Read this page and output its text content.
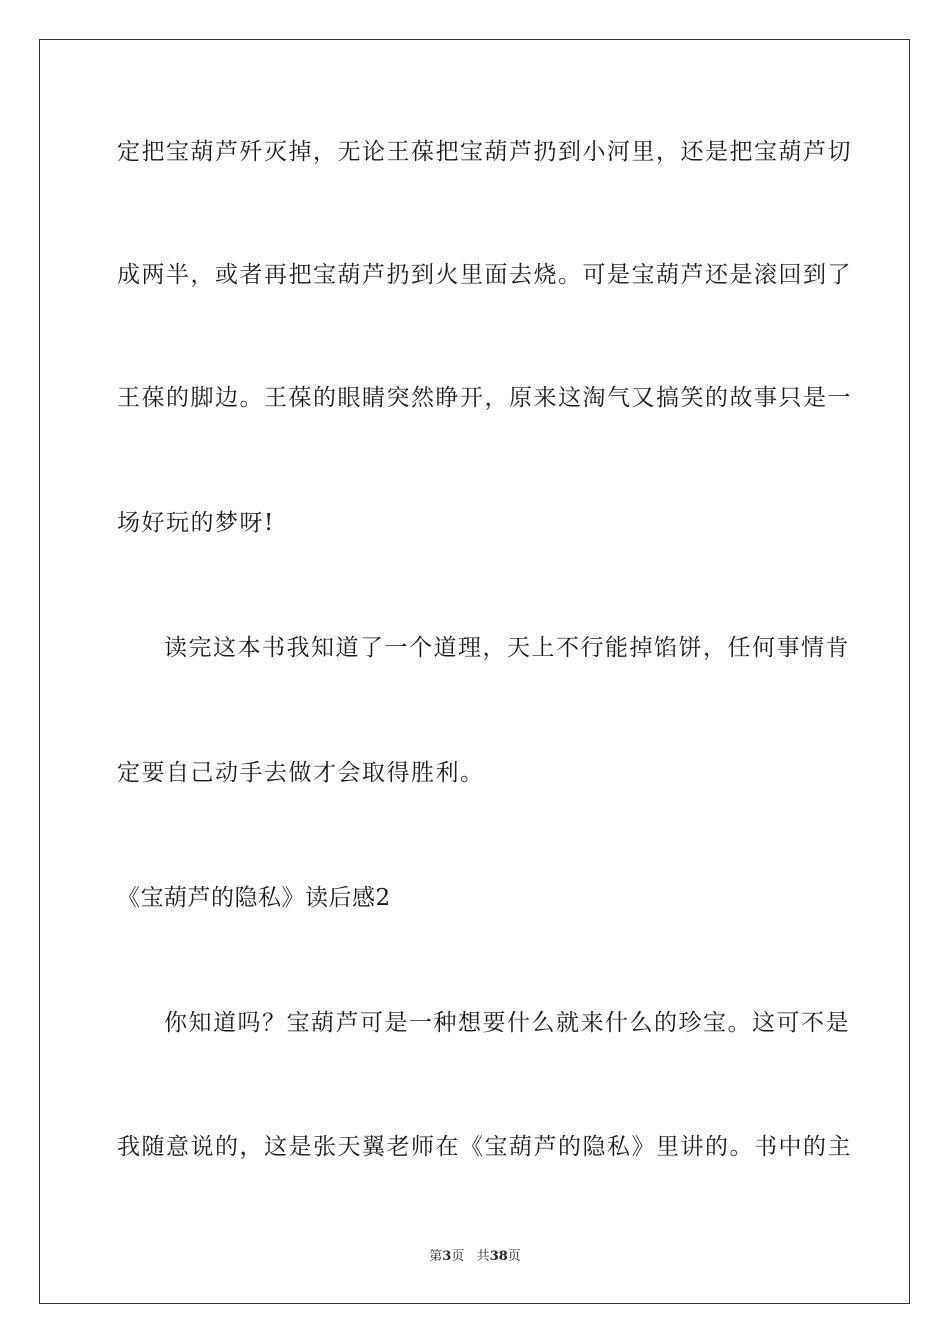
定把宝葫芦歼灭掉，无论王葆把宝葫芦扔到小河里，还是把宝葫芦切
成两半，或者再把宝葫芦扔到火里面去烧。可是宝葫芦还是滚回到了
王葆的脚边。王葆的眼睛突然睁开，原来这淘气又搞笑的故事只是一
场好玩的梦呀!
读完这本书我知道了一个道理，天上不行能掉馅饼，任何事情肯
定要自己动手去做才会取得胜利。
《宝葫芦的隐私》读后感2
你知道吗？宝葫芦可是一种想要什么就来什么的珍宝。这可不是
我随意说的，这是张天翼老师在《宝葫芦的隐私》里讲的。书中的主
第3页 共38页
